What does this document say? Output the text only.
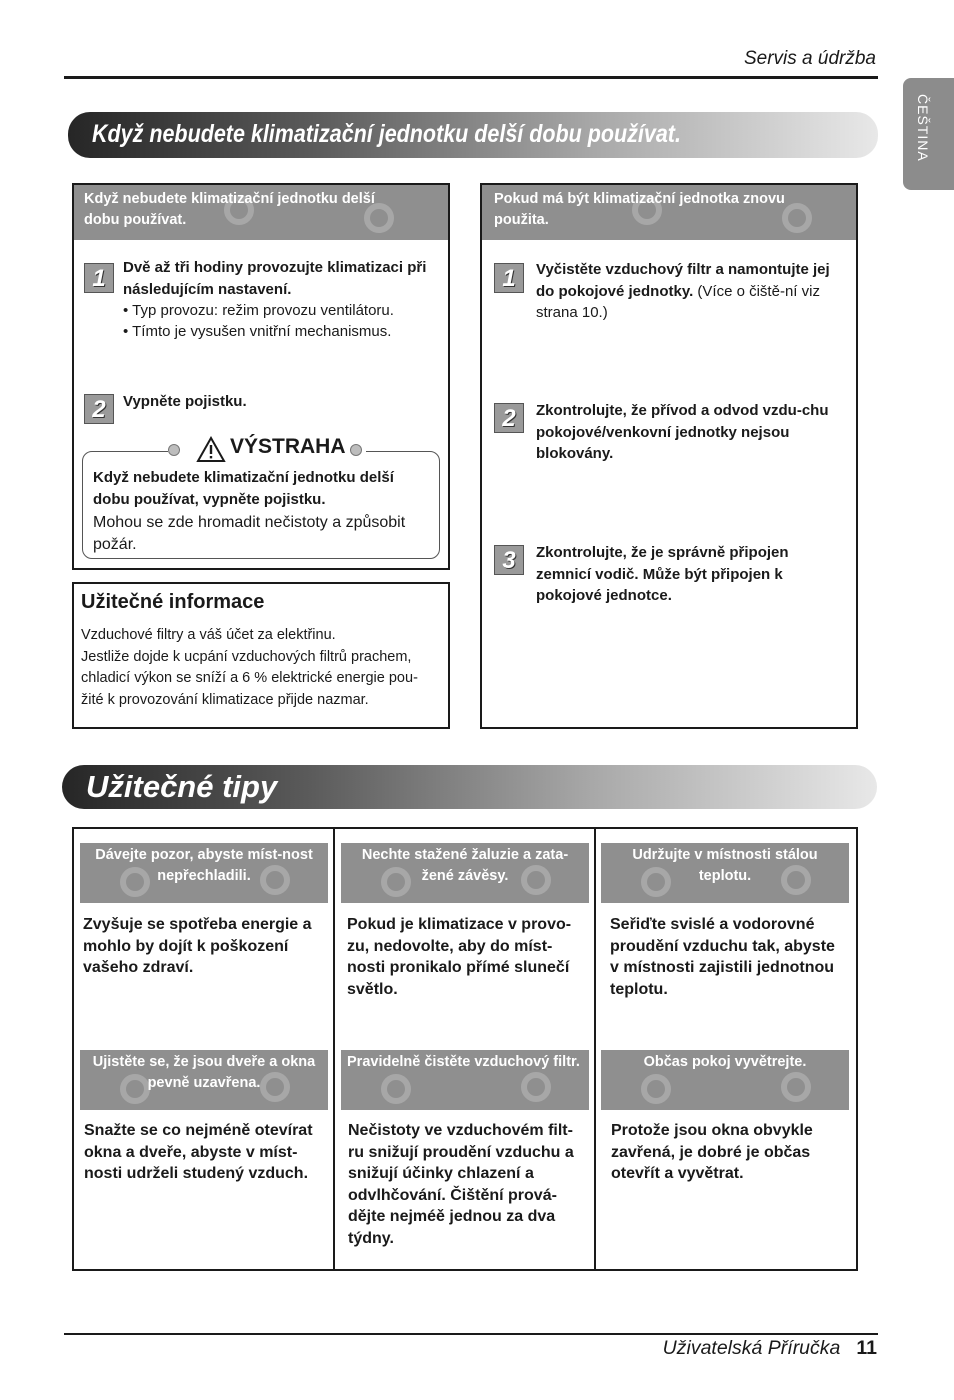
Servis a údržba
ČEŠTINA
Když nebudete klimatizační jednotku delší dobu používat.
Když nebudete klimatizační jednotku delší dobu používat.
1	Dvě až tři hodiny provozujte klimatizaci při následujícím nastavení.
• Typ provozu: režim provozu ventilátoru.
• Tímto je vysušen vnitřní mechanismus.
2	Vypněte pojistku.
VÝSTRAHA
Když nebudete klimatizační jednotku delší dobu používat, vypněte pojistku.
Mohou se zde hromadit nečistoty a způsobit požár.
Užitečné informace
Vzduchové filtry a váš účet za elektřinu.
Jestliže dojde k ucpání vzduchových filtrů prachem,
chladicí výkon se sníží a 6 % elektrické energie pou-
žité k provozování klimatizace přijde nazmar.
Pokud má být klimatizační jednotka znovu použita.
1	Vyčistěte vzduchový filtr a namontujte jej do pokojové jednotky. (Více o čiště-ní viz strana 10.)
2	Zkontrolujte, že přívod a odvod vzdu-chu pokojové/venkovní jednotky nejsou blokovány.
3	Zkontrolujte, že je správně připojen zemnicí vodič. Může být připojen k pokojové jednotce.
Užitečné tipy
Dávejte pozor, abyste míst-nost nepřechladili.
Zvyšuje se spotřeba energie a mohlo by dojít k poškození vašeho zdraví.
Nechte stažené žaluzie a zata-žené závěsy.
Pokud je klimatizace v provo-zu, nedovolte, aby do míst-nosti pronikalo přímé slunečí světlo.
Udržujte v místnosti stálou teplotu.
Seřiďte svislé a vodorovné proudění vzduchu tak, abyste v místnosti zajistili jednotnou teplotu.
Ujistěte se, že jsou dveře a okna pevně uzavřena.
Snažte se co nejméně otevírat okna a dveře, abyste v míst-nosti udrželi studený vzduch.
Pravidelně čistěte vzduchový filtr.
Nečistoty ve vzduchovém filt-ru snižují proudění vzduchu a snižují účinky chlazení a odvlhčování. Čištění prová-dějte nejméě jednou za dva týdny.
Občas pokoj vyvětrejte.
Protože jsou okna obvykle zavřená, je dobré je občas otevřít a vyvětrat.
Uživatelská Příručka 11
